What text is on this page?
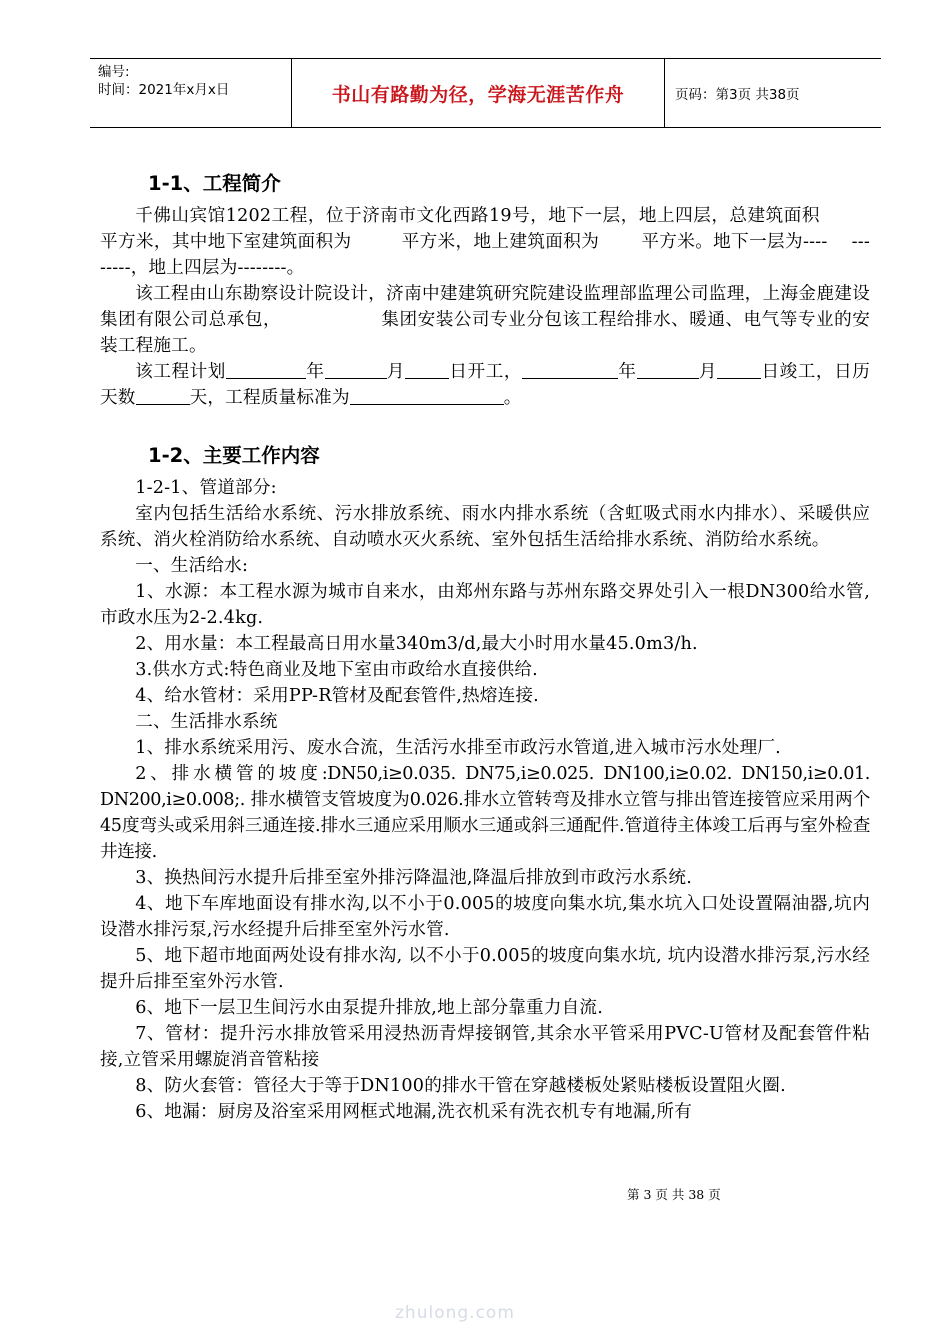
编号:
时间：2021年x月x日	书山有路勤为径，学海无涯苦作舟	页码：第3页 共38页
1-1、工程简介

千佛山宾馆1202工程，位于济南市文化西路19号，地下一层，地上四层，总建筑面积平方米，其中地下室建筑面积为	平方米，地上建筑面积为 平方米。地下一层为---- --------，地上四层为--------。

该工程由山东勘察设计院设计，济南中建建筑研究院建设监理部监理公司监理，上海金鹿建设集团有限公司总承包，	集团安装公司专业分包该工程给排水、暖通、电气等专业的安装工程施工。

该工程计划	年	月	日开工，	年	月	日竣工，日历天数	天，工程质量标准为	。

1-2、主要工作内容

1-2-1、管道部分:

室内包括生活给水系统、污水排放系统、雨水内排水系统（含虹吸式雨水内排水）、采暖供应系统、消火栓消防给水系统、自动喷水灭火系统、室外包括生活给排水系统、消防给水系统。

一、生活给水:

1、水源：本工程水源为城市自来水，由郑州东路与苏州东路交界处引入一根DN300给水管,市政水压为2-2.4kg.

2、用水量：本工程最高日用水量340m3/d,最大小时用水量45.0m3/h.

3.供水方式:特色商业及地下室由市政给水直接供给.

4、给水管材：采用PP-R管材及配套管件,热熔连接.

二、生活排水系统

1、排水系统采用污、废水合流，生活污水排至市政污水管道,进入城市污水处理厂.

2、排水横管的坡度:DN50,i≥0.035. DN75,i≥0.025. DN100,i≥0.02. DN150,i≥0.01. DN200,i≥0.008;. 排水横管支管坡度为0.026.排水立管转弯及排水立管与排出管连接管应采用两个45度弯头或采用斜三通连接.排水三通应采用顺水三通或斜三通配件.管道待主体竣工后再与室外检查井连接.

3、换热间污水提升后排至室外排污降温池,降温后排放到市政污水系统.

4、地下车库地面设有排水沟,以不小于0.005的坡度向集水坑,集水坑入口处设置隔油器,坑内设潜水排污泵,污水经提升后排至室外污水管.

5、地下超市地面两处设有排水沟, 以不小于0.005的坡度向集水坑, 坑内设潜水排污泵,污水经提升后排至室外污水管.

6、地下一层卫生间污水由泵提升排放,地上部分靠重力自流.

7、管材：提升污水排放管采用浸热沥青焊接钢管,其余水平管采用PVC-U管材及配套管件粘接,立管采用螺旋消音管粘接

8、防火套管：管径大于等于DN100的排水干管在穿越楼板处紧贴楼板设置阻火圈.

6、地漏：厨房及浴室采用网框式地漏,洗衣机采有洗衣机专有地漏,所有

第 3 页 共 38 页
zhulong.com
